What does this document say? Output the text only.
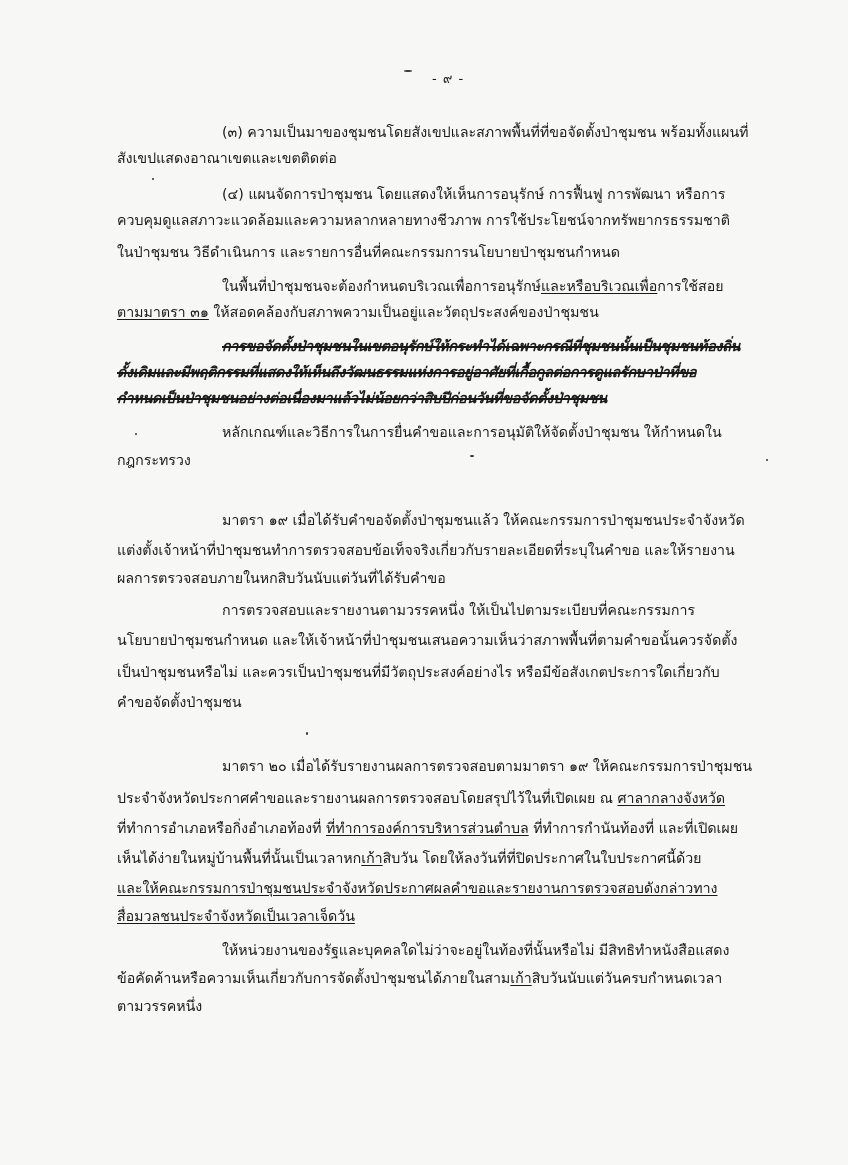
- ๙ -
(๓) ความเป็นมาของชุมชนโดยสังเขปและสภาพพื้นที่ที่ขอจัดตั้งป่าชุมชน พร้อมทั้งแผนที่
สังเขปแสดงอาณาเขตและเขตติดต่อ
(๔) แผนจัดการป่าชุมชน โดยแสดงให้เห็นการอนุรักษ์ การฟื้นฟู การพัฒนา หรือการ
ควบคุมดูแลสภาวะแวดล้อมและความหลากหลายทางชีวภาพ การใช้ประโยชน์จากทรัพยากรธรรมชาติ
ในป่าชุมชน วิธีดำเนินการ และรายการอื่นที่คณะกรรมการนโยบายป่าชุมชนกำหนด
ในพื้นที่ป่าชุมชนจะต้องกำหนดบริเวณเพื่อการอนุรักษ์และหรือบริเวณเพื่อการใช้สอย
ตามมาตรา ๓๑ ให้สอดคล้องกับสภาพความเป็นอยู่และวัตถุประสงค์ของป่าชุมชน
การขอจัดตั้งป่าชุมชนในเขตอนุรักษ์ให้กระทำได้เฉพาะกรณีที่ชุมชนนั้นเป็นชุมชนท้องถิ่น
ดั้งเดิมและมีพฤติกรรมที่แสดงให้เห็นถึงวัฒนธรรมแห่งการอยู่อาศัยที่เกื้อกูลต่อการดูแลรักษาป่าที่ขอ
กำหนดเป็นป่าชุมชนอย่างต่อเนื่องมาแล้วไม่น้อยกว่าสิบปีก่อนวันที่ขอจัดตั้งป่าชุมชน
หลักเกณฑ์และวิธีการในการยื่นคำขอและการอนุมัติให้จัดตั้งป่าชุมชน ให้กำหนดใน
กฎกระทรวง
มาตรา ๑๙ เมื่อได้รับคำขอจัดตั้งป่าชุมชนแล้ว ให้คณะกรรมการป่าชุมชนประจำจังหวัด
แต่งตั้งเจ้าหน้าที่ป่าชุมชนทำการตรวจสอบข้อเท็จจริงเกี่ยวกับรายละเอียดที่ระบุในคำขอ และให้รายงาน
ผลการตรวจสอบภายในหกสิบวันนับแต่วันที่ได้รับคำขอ
การตรวจสอบและรายงานตามวรรคหนึ่ง ให้เป็นไปตามระเบียบที่คณะกรรมการ
นโยบายป่าชุมชนกำหนด และให้เจ้าหน้าที่ป่าชุมชนเสนอความเห็นว่าสภาพพื้นที่ตามคำขอนั้นควรจัดตั้ง
เป็นป่าชุมชนหรือไม่ และควรเป็นป่าชุมชนที่มีวัตถุประสงค์อย่างไร หรือมีข้อสังเกตประการใดเกี่ยวกับ
คำขอจัดตั้งป่าชุมชน
มาตรา ๒๐ เมื่อได้รับรายงานผลการตรวจสอบตามมาตรา ๑๙ ให้คณะกรรมการป่าชุมชน
ประจำจังหวัดประกาศคำขอและรายงานผลการตรวจสอบโดยสรุปไว้ในที่เปิดเผย ณ ศาลากลางจังหวัด
ที่ทำการอำเภอหรือกิ่งอำเภอท้องที่ ที่ทำการองค์การบริหารส่วนตำบล ที่ทำการกำนันท้องที่ และที่เปิดเผย
เห็นได้ง่ายในหมู่บ้านพื้นที่นั้นเป็นเวลาหกเก้าสิบวัน โดยให้ลงวันที่ที่ปิดประกาศในใบประกาศนี้ด้วย
และให้คณะกรรมการป่าชุมชนประจำจังหวัดประกาศผลคำขอและรายงานการตรวจสอบดังกล่าวทาง
สื่อมวลชนประจำจังหวัดเป็นเวลาเจ็ดวัน
ให้หน่วยงานของรัฐและบุคคลใดไม่ว่าจะอยู่ในท้องที่นั้นหรือไม่ มีสิทธิทำหนังสือแสดง
ข้อคัดค้านหรือความเห็นเกี่ยวกับการจัดตั้งป่าชุมชนได้ภายในสามเก้าสิบวันนับแต่วันครบกำหนดเวลา
ตามวรรคหนึ่ง
